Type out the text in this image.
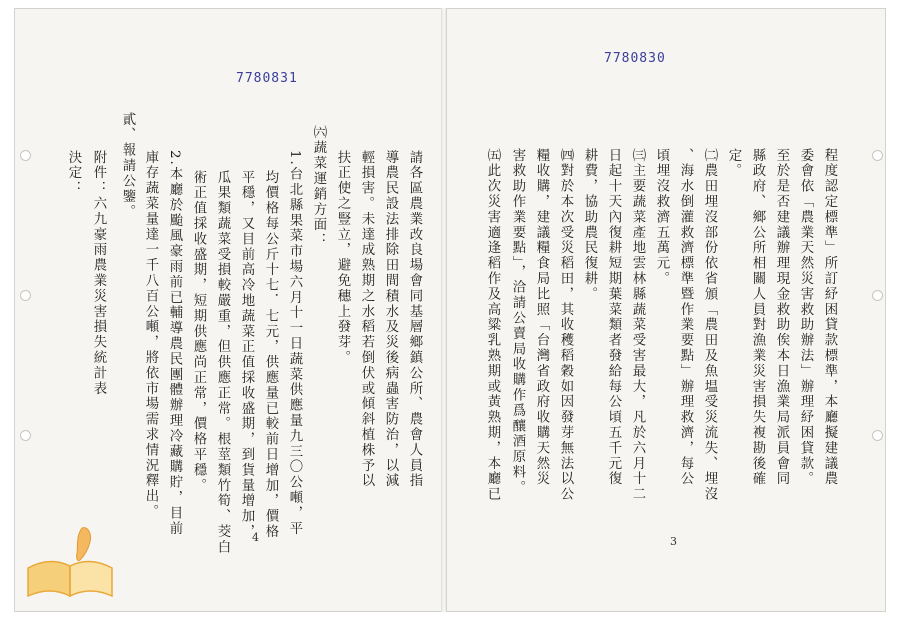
7780831
決定： 附件：六九豪雨農業災害損失統計表 貳、報請公鑒。 庫存蔬菜量達一千八百公噸，將依市場需求情況釋出。 2.本廳於颱風豪雨前已輔導農民團體辦理冷藏購貯，目前 術正值採收盛期，短期供應尚正常，價格平穩。 瓜果類蔬菜受損較嚴重，但供應正常。根莖類竹筍、茭白 平穩，又目前高冷地蔬菜正值採收盛期，到貨量增加， 均價格每公斤十七．七元，供應量已較前日增加，價格 1.台北縣果菜市場六月十一日蔬菜供應量九三〇公噸，平 ㈥蔬菜運銷方面： 扶正使之豎立，避免穗上發芽。 輕損害。未達成熟期之水稻若倒伏或傾斜植株予以 導農民設法排除田間積水及災後病蟲害防治，以減 請各區農業改良場會同基層鄉鎮公所、農會人員指
4
7780830
㈤此次災害適逢稻作及高粱乳熟期或黃熟期，本廳已 害救助作業要點」，洽請公賣局收購作爲釀酒原料。 糧收購，建議糧食局比照「台灣省政府收購天然災 ㈣對於本次受災稻田，其收穫稻穀如因發芽無法以公 耕費，協助農民復耕。 日起十天內復耕短期葉菜類者發給每公頃五千元復 ㈢主要蔬菜產地雲林縣蔬菜受害最大，凡於六月十二 頃埋沒救濟五萬元。 、海水倒灌救濟標準暨作業要點」辦理救濟，每公 ㈡農田埋沒部份依省頒「農田及魚塭受災流失、埋沒 定。 縣政府、鄉公所相關人員對漁業災害損失複勘後確 至於是否建議辦理現金救助俟本日漁業局派員會同 委會依「農業天然災害救助辦法」辦理紓困貸款。 程度認定標準」所訂紓困貸款標準，本廳擬建議農
3
